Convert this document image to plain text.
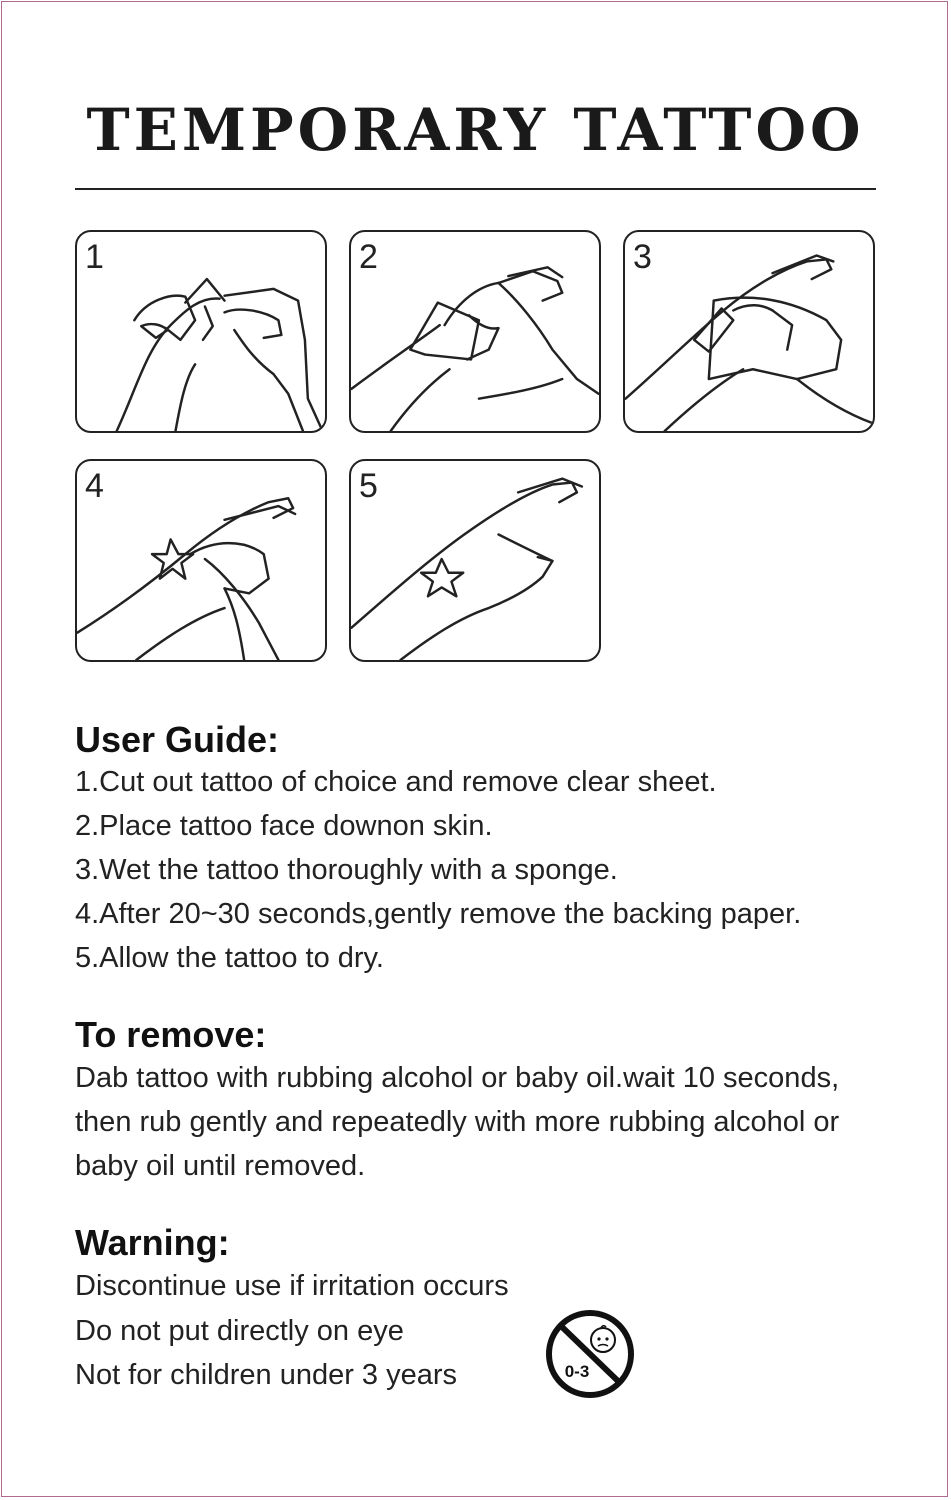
TEMPORARY TATTOO
1	2	3
4	5
User Guide:
1.Cut out tattoo of choice and remove clear sheet.
2.Place tattoo face downon skin.
3.Wet the tattoo thoroughly with a sponge.
4.After 20~30 seconds,gently remove the backing paper.
5.Allow the tattoo to dry.
To remove:
Dab tattoo with rubbing alcohol or baby oil.wait 10 seconds,
then rub gently and repeatedly with more rubbing alcohol or
baby oil until removed.
Warning:
Discontinue use if irritation occurs
Do not put directly on eye
Not for children under 3 years	0-3
